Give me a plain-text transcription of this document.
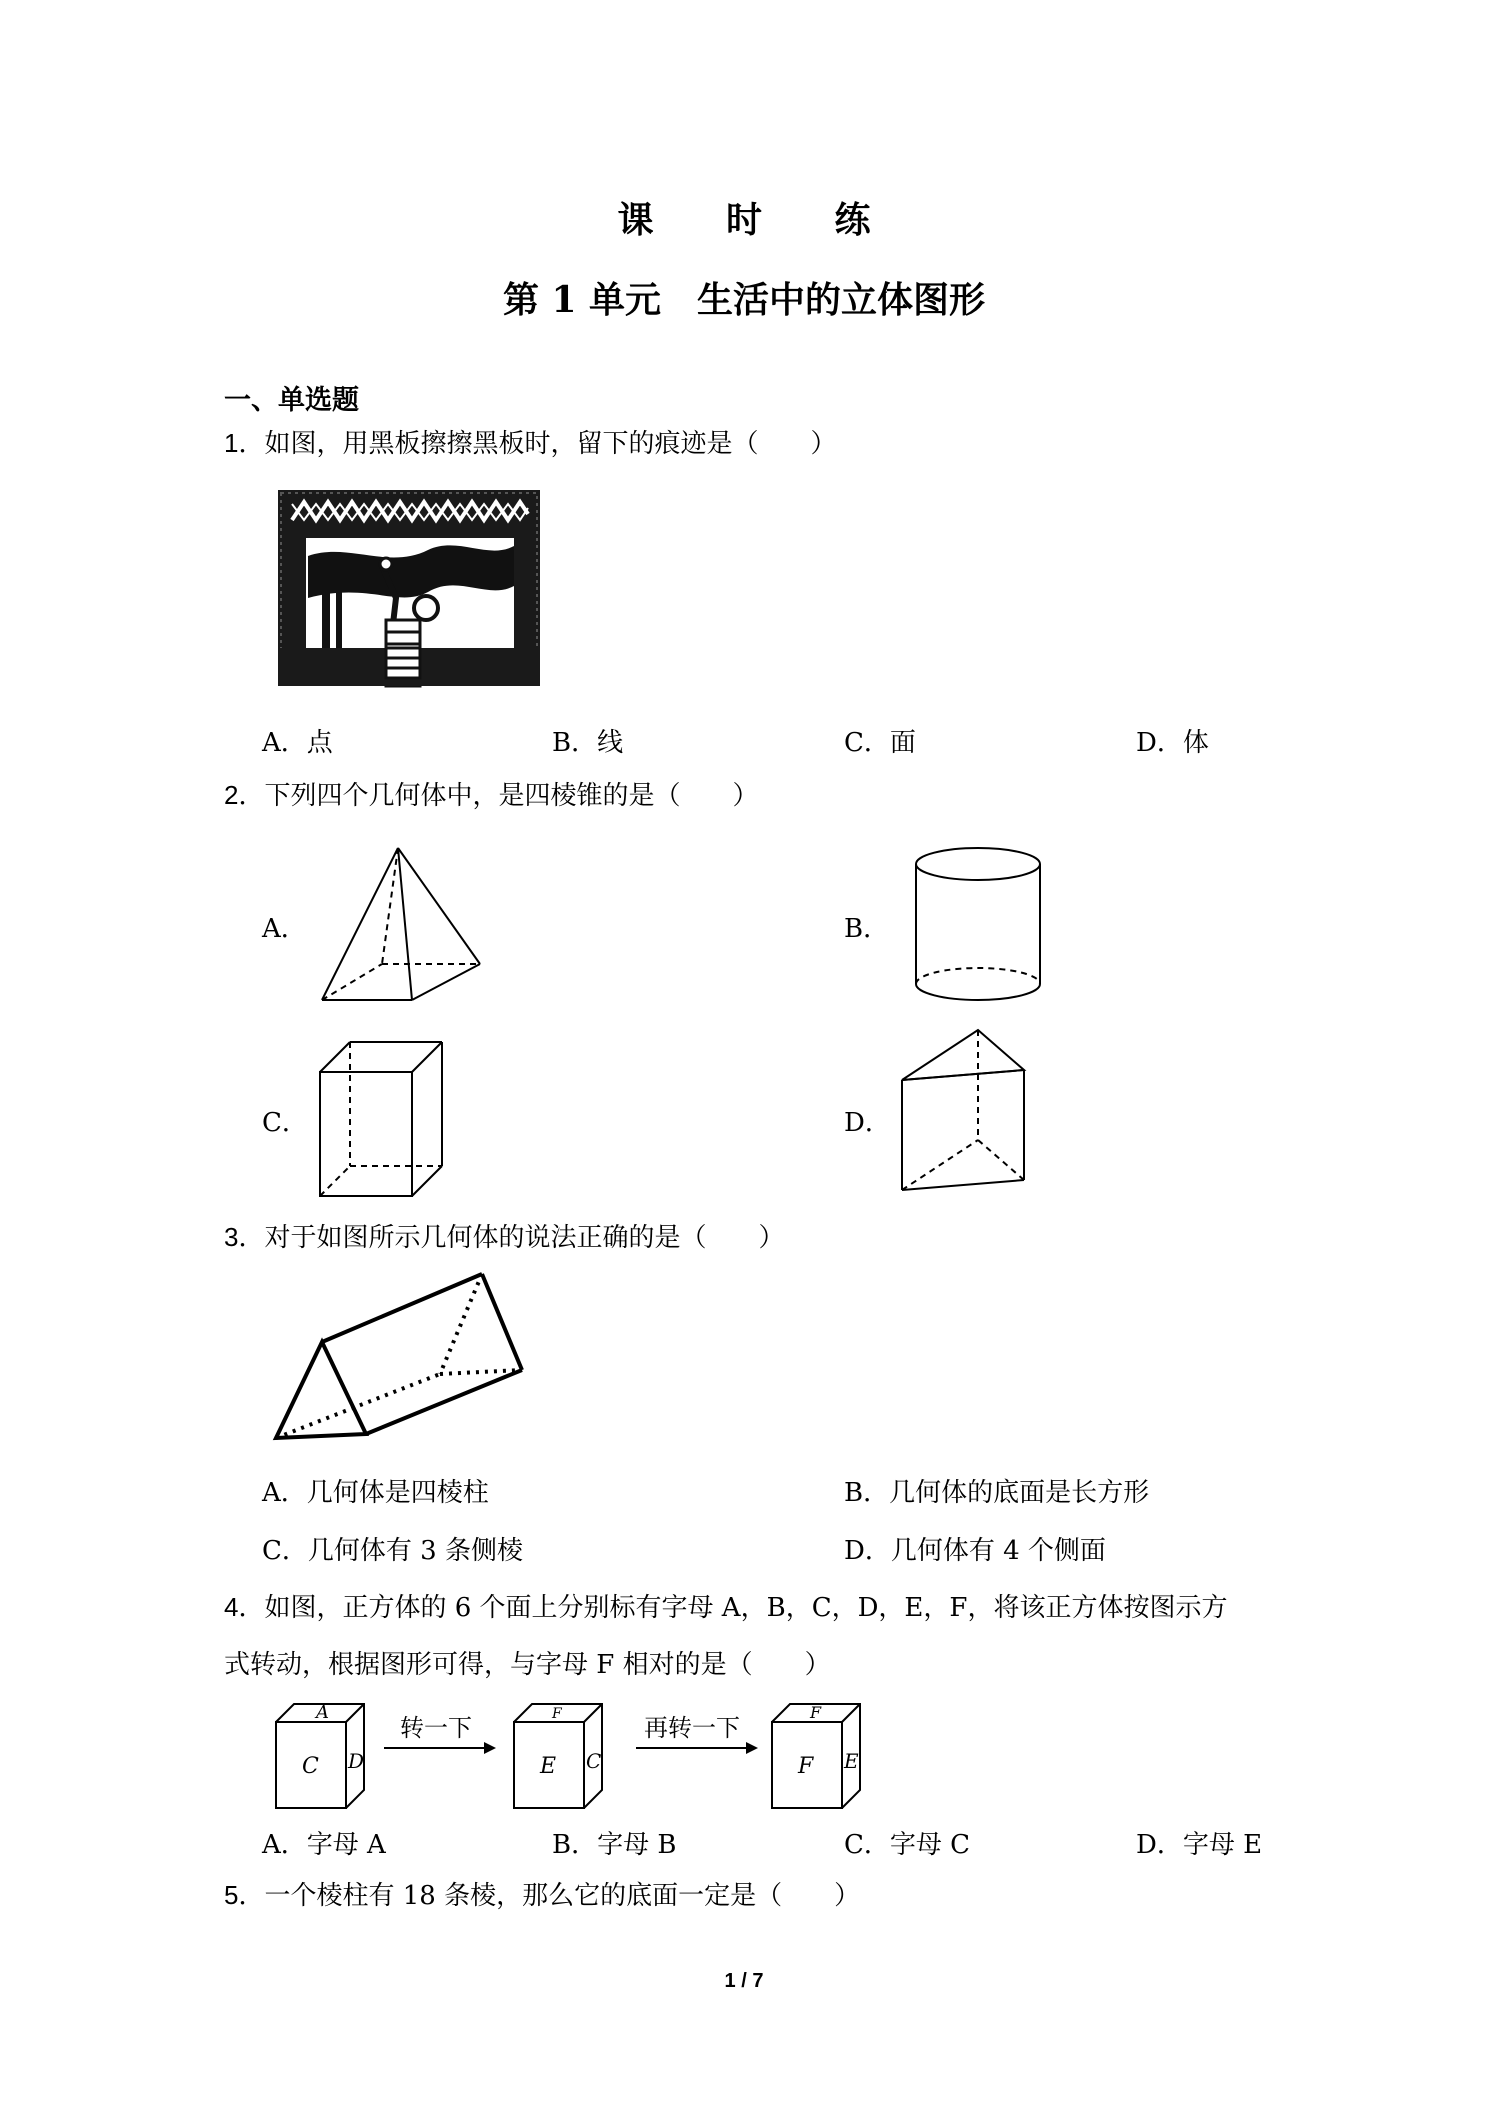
课 时 练
第 1 单元　生活中的立体图形
一、单选题
1．如图，用黑板擦擦黑板时，留下的痕迹是（　　）
A．点	B．线	C．面	D．体
2．下列四个几何体中，是四棱锥的是（　　）
A．	B．
C．	D．
3．对于如图所示几何体的说法正确的是（　　）
A．几何体是四棱柱	B．几何体的底面是长方形
C．几何体有 3 条侧棱	D．几何体有 4 个侧面
4．如图，正方体的 6 个面上分别标有字母 A，B，C，D，E，F，将该正方体按图示方
式转动，根据图形可得，与字母 F 相对的是（　　）
C
A
D
转一下
E
F
C
再转一下
F
F
E
A．字母 A	B．字母 B	C．字母 C	D．字母 E
5．一个棱柱有 18 条棱，那么它的底面一定是（　　）
1 / 7
